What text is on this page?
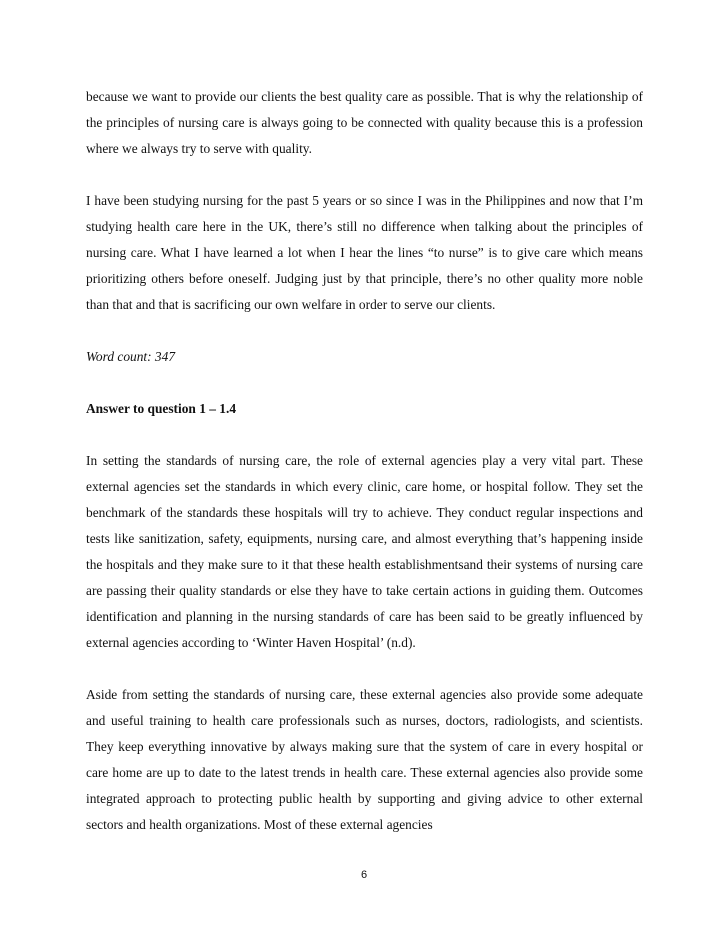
because we want to provide our clients the best quality care as possible. That is why the relationship of the principles of nursing care is always going to be connected with quality because this is a profession where we always try to serve with quality.

I have been studying nursing for the past 5 years or so since I was in the Philippines and now that I’m studying health care here in the UK, there’s still no difference when talking about the principles of nursing care. What I have learned a lot when I hear the lines “to nurse” is to give care which means prioritizing others before oneself. Judging just by that principle, there’s no other quality more noble than that and that is sacrificing our own welfare in order to serve our clients.

Word count: 347

Answer to question 1 – 1.4

In setting the standards of nursing care, the role of external agencies play a very vital part. These external agencies set the standards in which every clinic, care home, or hospital follow. They set the benchmark of the standards these hospitals will try to achieve. They conduct regular inspections and tests like sanitization, safety, equipments, nursing care, and almost everything that’s happening inside the hospitals and they make sure to it that these health establishmentsand their systems of nursing care are passing their quality standards or else they have to take certain actions in guiding them. Outcomes identification and planning in the nursing standards of care has been said to be greatly influenced by external agencies according to ‘Winter Haven Hospital’ (n.d).

Aside from setting the standards of nursing care, these external agencies also provide some adequate and useful training to health care professionals such as nurses, doctors, radiologists, and scientists. They keep everything innovative by always making sure that the system of care in every hospital or care home are up to date to the latest trends in health care. These external agencies also provide some integrated approach to protecting public health by supporting and giving advice to other external sectors and health organizations. Most of these external agencies

6
